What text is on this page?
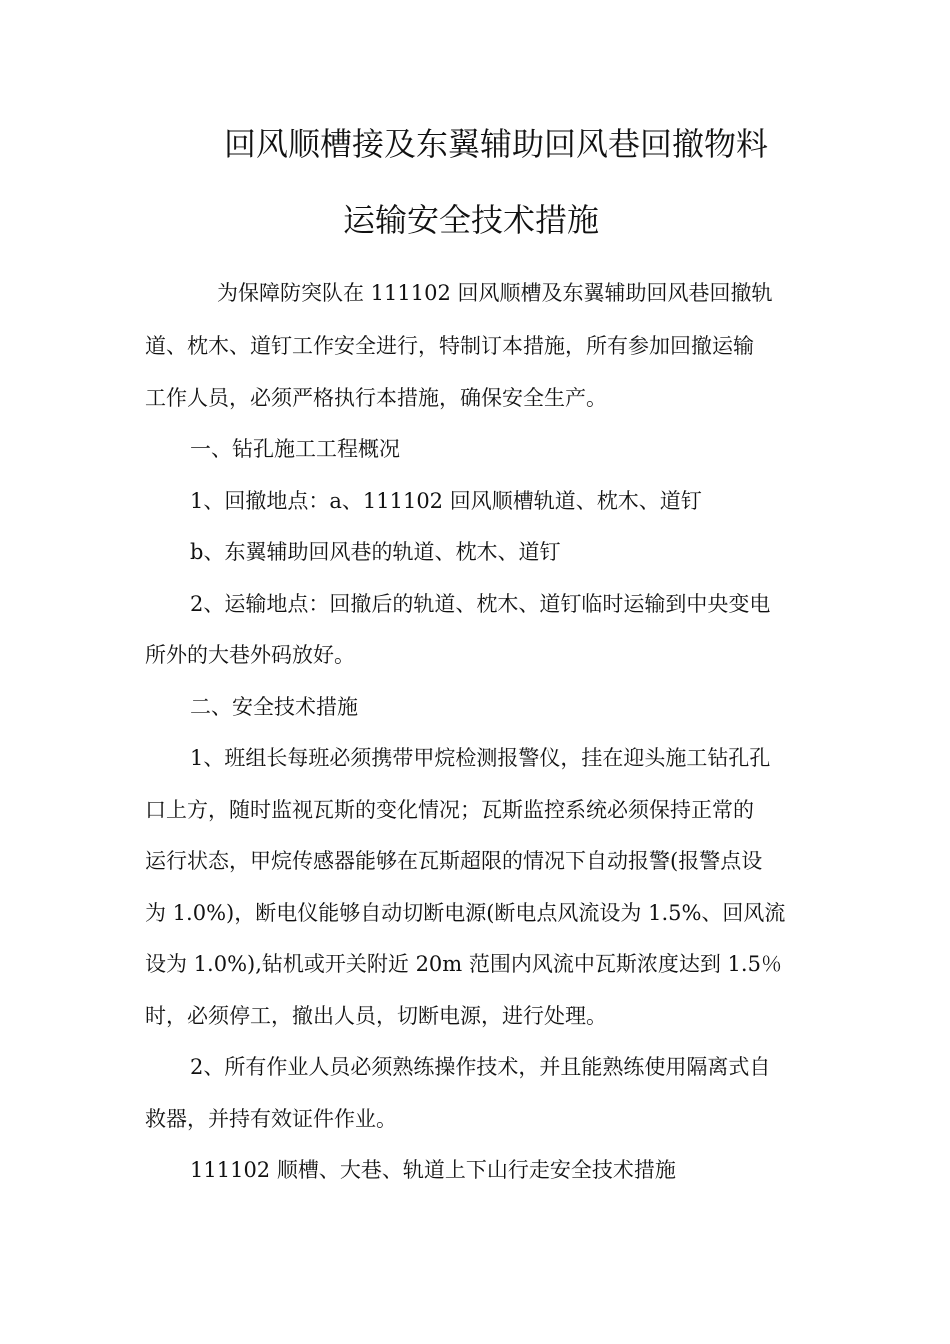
回风顺槽接及东翼辅助回风巷回撤物料
运输安全技术措施
为保障防突队在 111102 回风顺槽及东翼辅助回风巷回撤轨
道、枕木、道钉工作安全进行，特制订本措施，所有参加回撤运输
工作人员，必须严格执行本措施，确保安全生产。
一、钻孔施工工程概况
1、回撤地点：a、111102 回风顺槽轨道、枕木、道钉
b、东翼辅助回风巷的轨道、枕木、道钉
2、运输地点：回撤后的轨道、枕木、道钉临时运输到中央变电
所外的大巷外码放好。
二、安全技术措施
1、班组长每班必须携带甲烷检测报警仪，挂在迎头施工钻孔孔
口上方，随时监视瓦斯的变化情况；瓦斯监控系统必须保持正常的
运行状态，甲烷传感器能够在瓦斯超限的情况下自动报警(报警点设
为 1.0%)，断电仪能够自动切断电源(断电点风流设为 1.5%、回风流
设为 1.0%),钻机或开关附近 20m 范围内风流中瓦斯浓度达到 1.5％
时，必须停工，撤出人员，切断电源，进行处理。
2、所有作业人员必须熟练操作技术，并且能熟练使用隔离式自
救器，并持有效证件作业。
111102 顺槽、大巷、轨道上下山行走安全技术措施
